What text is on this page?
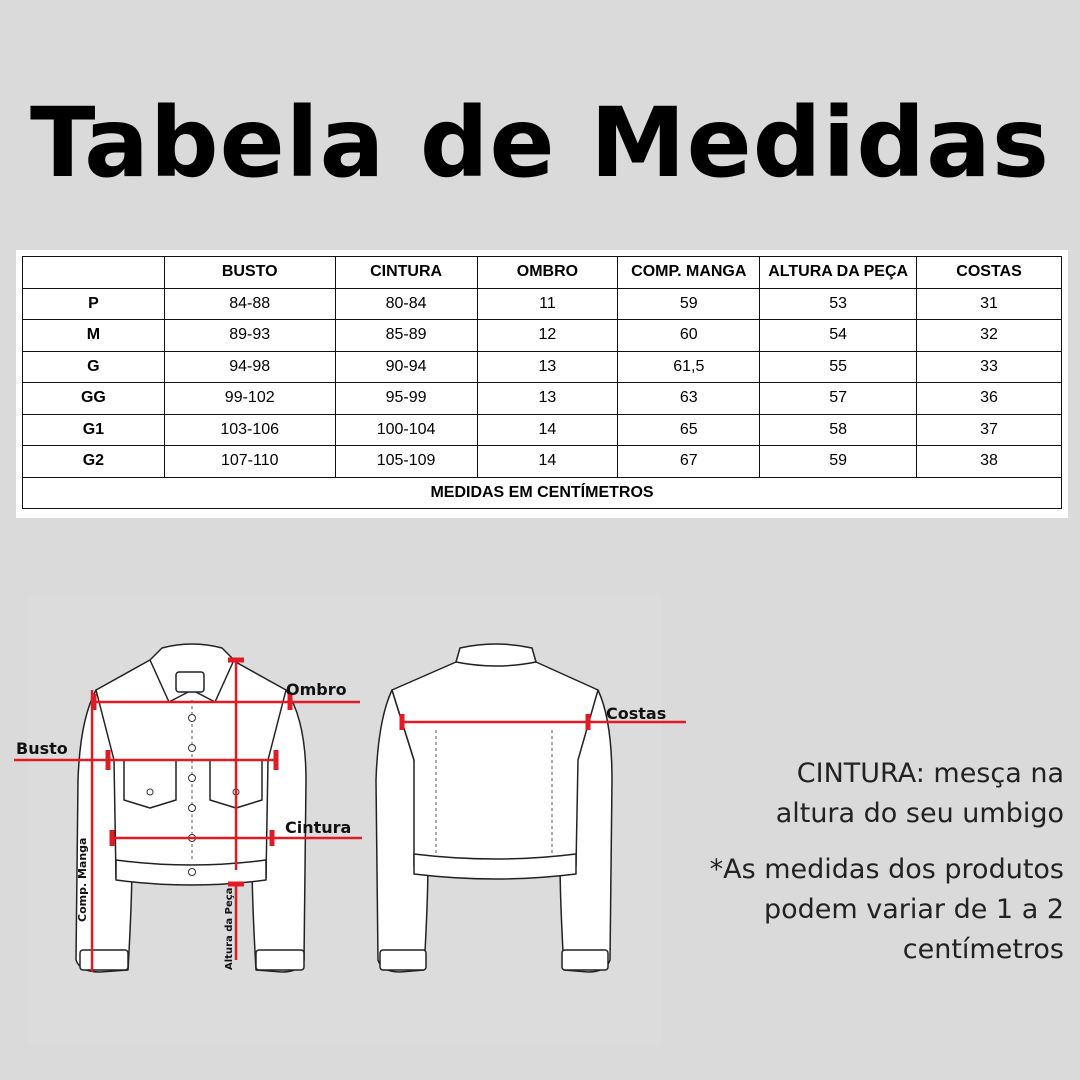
Tabela de Medidas
	BUSTO	CINTURA	OMBRO	COMP. MANGA	ALTURA DA PEÇA	COSTAS
P	84-88	80-84	11	59	53	31
M	89-93	85-89	12	60	54	32
G	94-98	90-94	13	61,5	55	33
GG	99-102	95-99	13	63	57	36
G1	103-106	100-104	14	65	58	37
G2	107-110	105-109	14	67	59	38
MEDIDAS EM CENTÍMETROS						
Busto
Ombro
Cintura
Costas
Comp. Manga
Altura da Peça
CINTURA: mesça na
altura do seu umbigo
*As medidas dos produtos
podem variar de 1 a 2
centímetros
